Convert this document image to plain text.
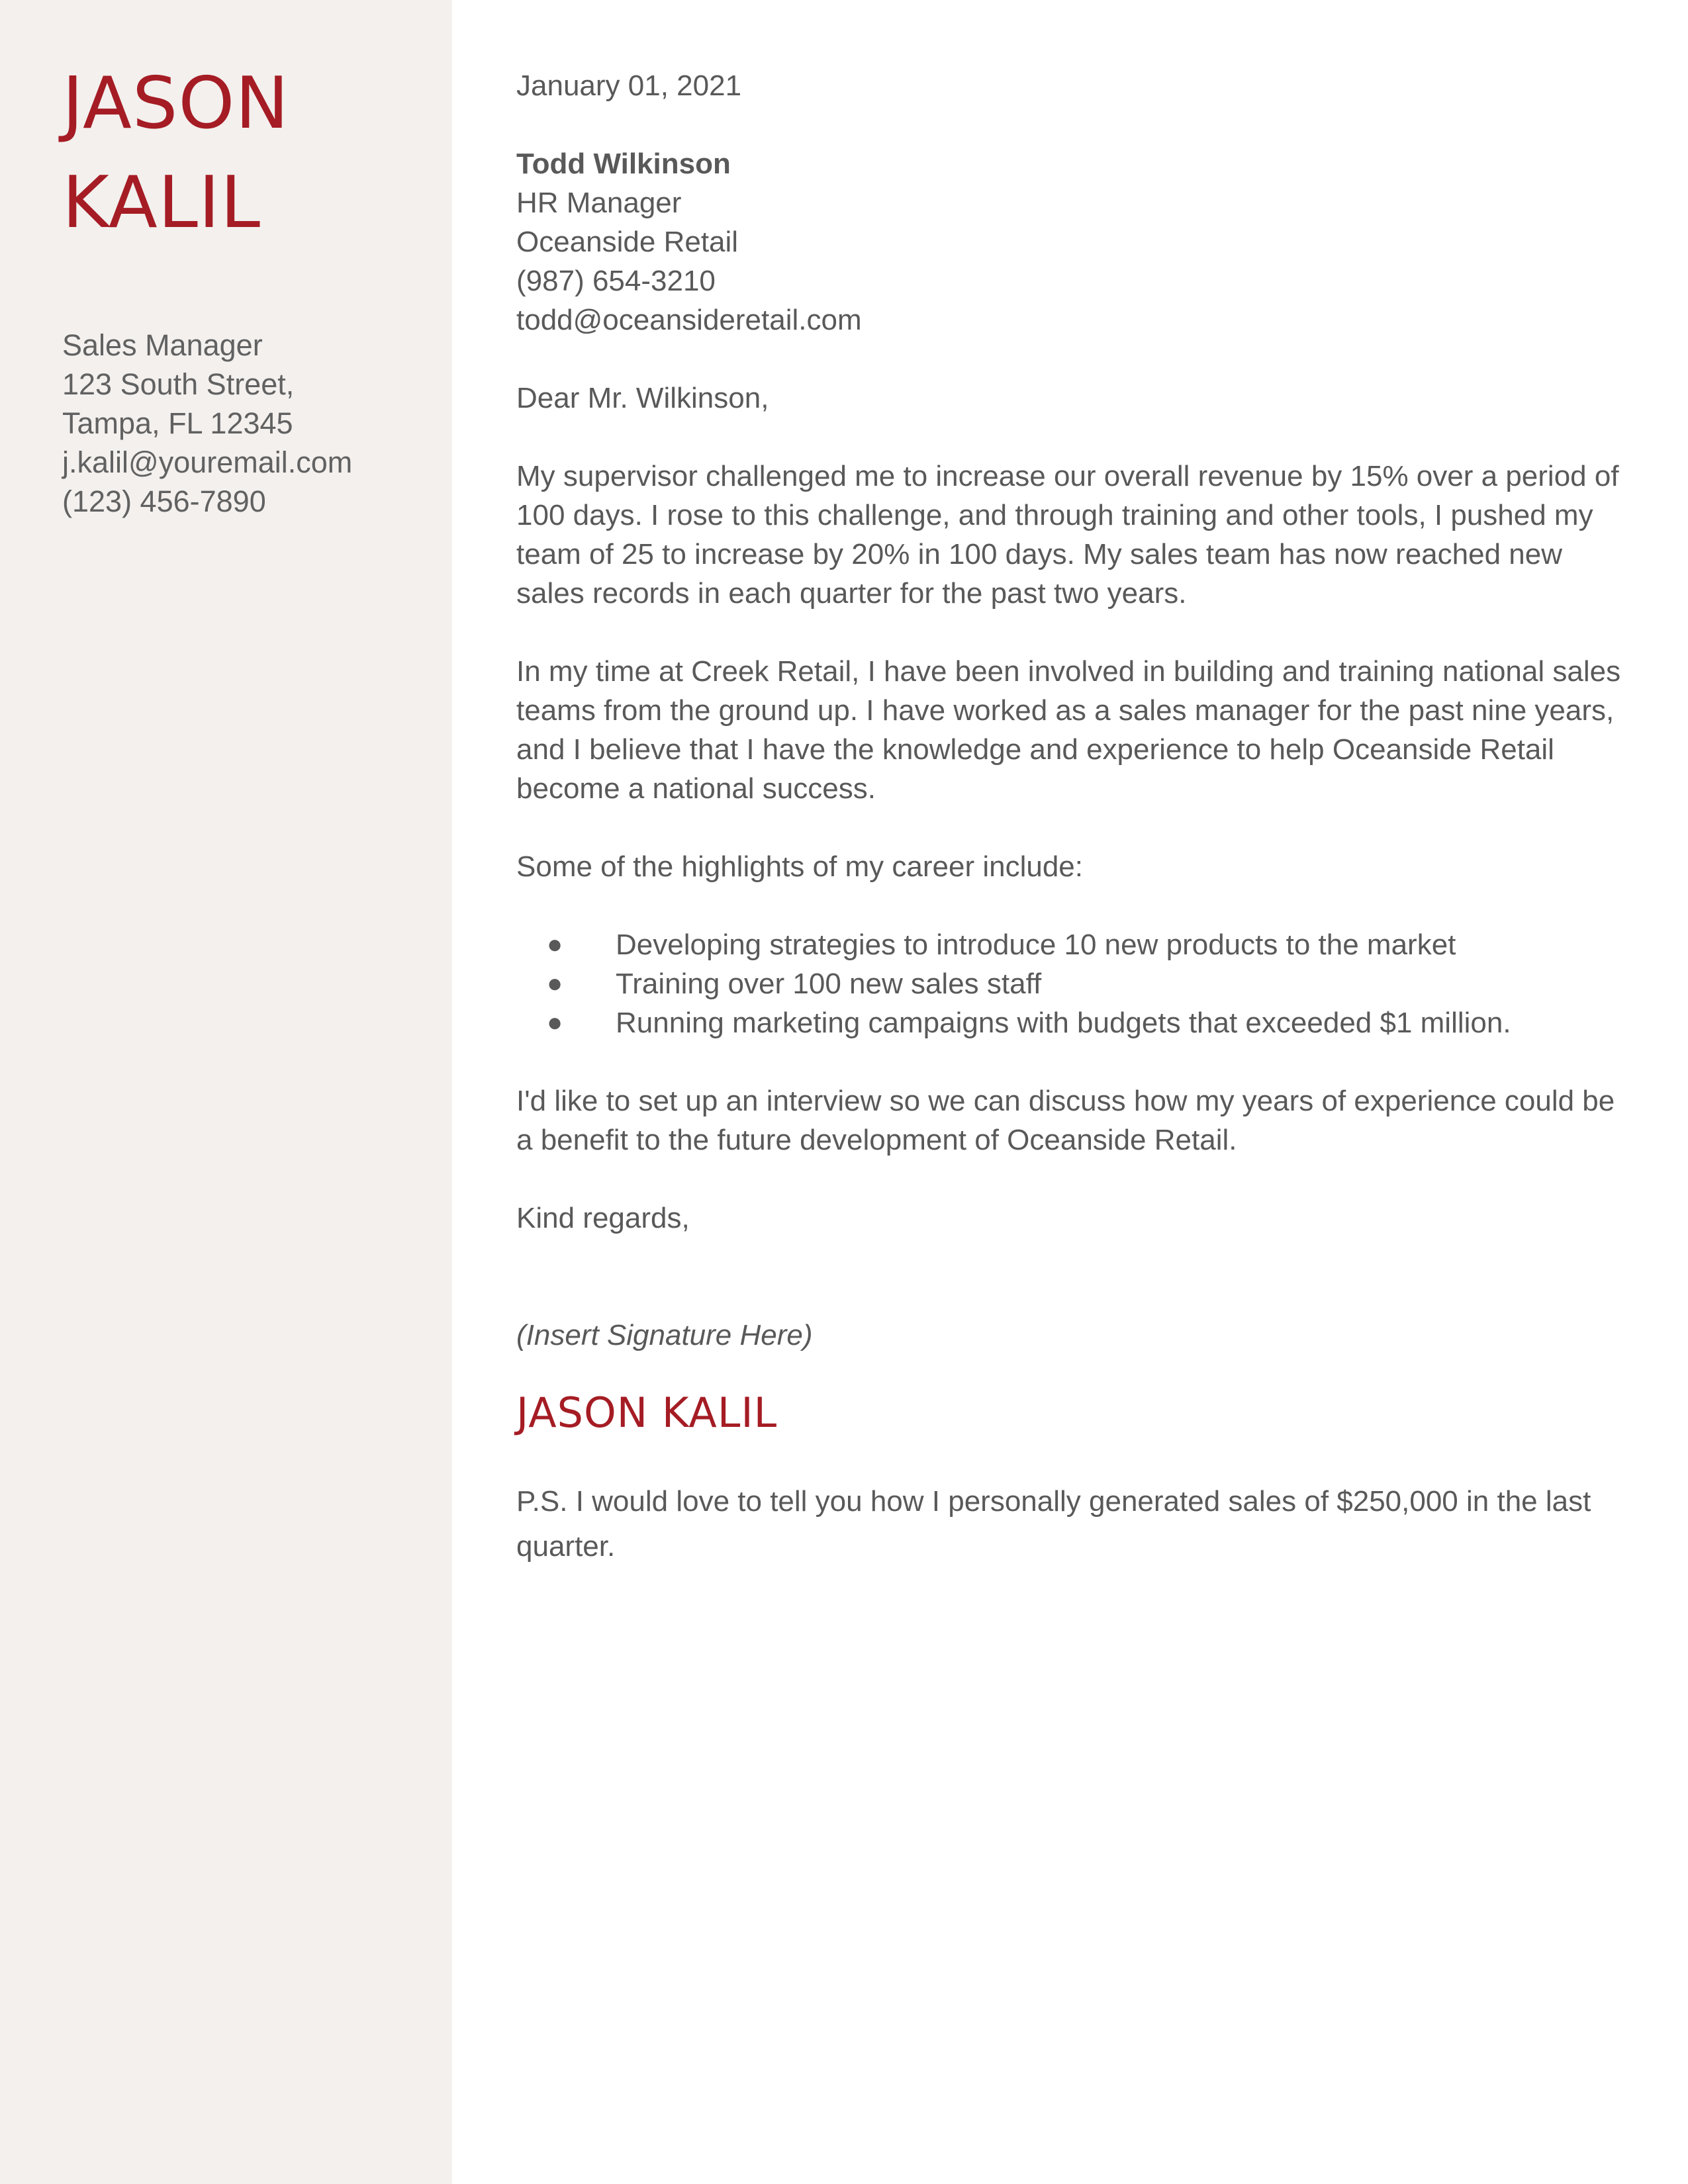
JASON
KALIL
Sales Manager
123 South Street,
Tampa, FL 12345
j.kalil@youremail.com
(123) 456-7890

January 01, 2021

Todd Wilkinson
HR Manager
Oceanside Retail
(987) 654-3210
todd@oceansideretail.com

Dear Mr. Wilkinson,

My supervisor challenged me to increase our overall revenue by 15% over a period of 100 days. I rose to this challenge, and through training and other tools, I pushed my team of 25 to increase by 20% in 100 days. My sales team has now reached new sales records in each quarter for the past two years.

In my time at Creek Retail, I have been involved in building and training national sales teams from the ground up. I have worked as a sales manager for the past nine years, and I believe that I have the knowledge and experience to help Oceanside Retail become a national success.

Some of the highlights of my career include:

● Developing strategies to introduce 10 new products to the market
● Training over 100 new sales staff
● Running marketing campaigns with budgets that exceeded $1 million.

I'd like to set up an interview so we can discuss how my years of experience could be a benefit to the future development of Oceanside Retail.

Kind regards,

(Insert Signature Here)

JASON KALIL

P.S. I would love to tell you how I personally generated sales of $250,000 in the last quarter.
